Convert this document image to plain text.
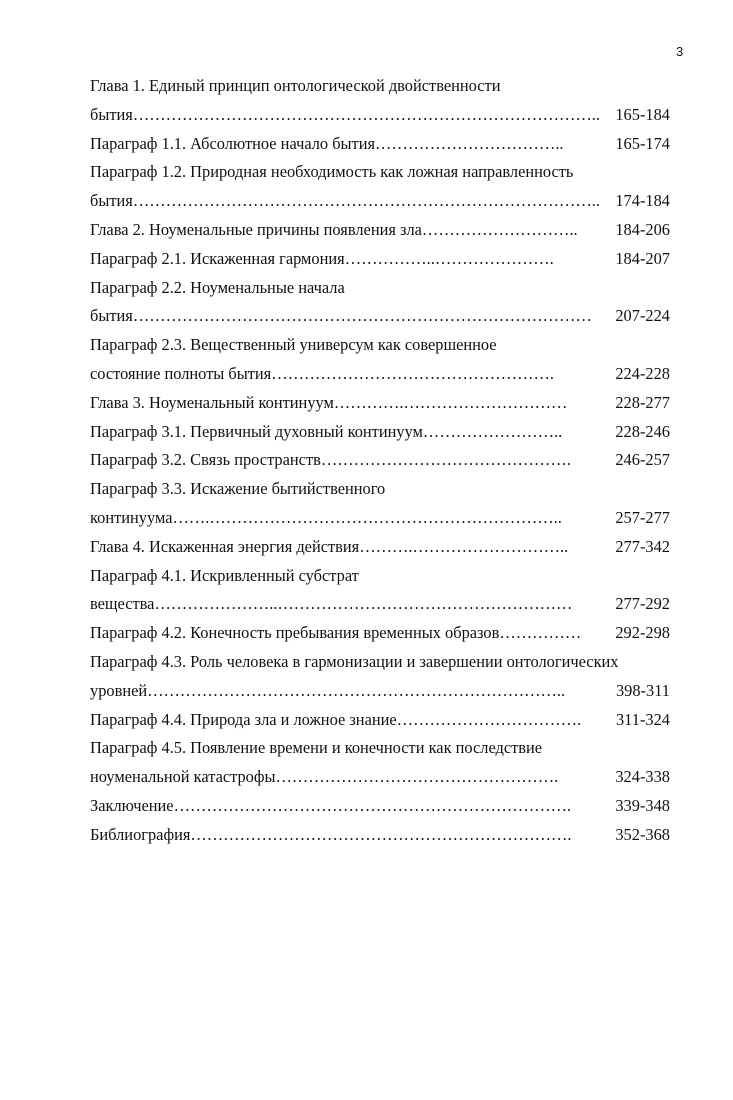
3
Глава 1. Единый принцип онтологической двойственности
бытия………………………………………………………………………….. 165-184
Параграф 1.1. Абсолютное начало бытия……………………………..	165-174
Параграф 1.2. Природная необходимость как ложная направленность
бытия………………………………………………………………………….. 174-184
Глава 2. Ноуменальные причины появления зла………………………..	184-206
Параграф 2.1. Искаженная гармония……………..………………….	184-207
Параграф 2.2. Ноуменальные начала
бытия…………………………………………………………………………	207-224
Параграф 2.3. Вещественный универсум как совершенное
состояние полноты бытия…………………………………………….	224-228
Глава 3. Ноуменальный континуум………….…………………………	228-277
Параграф 3.1. Первичный духовный континуум……………………..	228-246
Параграф 3.2. Связь пространств……………………………………….	246-257
Параграф 3.3. Искажение бытийственного
континуума…….………………………………………………………..	257-277
Глава 4. Искаженная энергия действия……….………………………..	277-342
Параграф 4.1. Искривленный субстрат
вещества…………………..………………………………………………	277-292
Параграф 4.2. Конечность пребывания временных образов……………	292-298
Параграф 4.3. Роль человека в гармонизации и завершении онтологических
уровней…………………………………………………………………..	398-311
Параграф 4.4. Природа зла и ложное знание…………………………….	311-324
Параграф 4.5. Появление времени и конечности как последствие
ноуменальной катастрофы…………………………………………….	324-338
Заключение……………………………………………………………….	339-348
Библиография…………………………………………………………….	352-368
